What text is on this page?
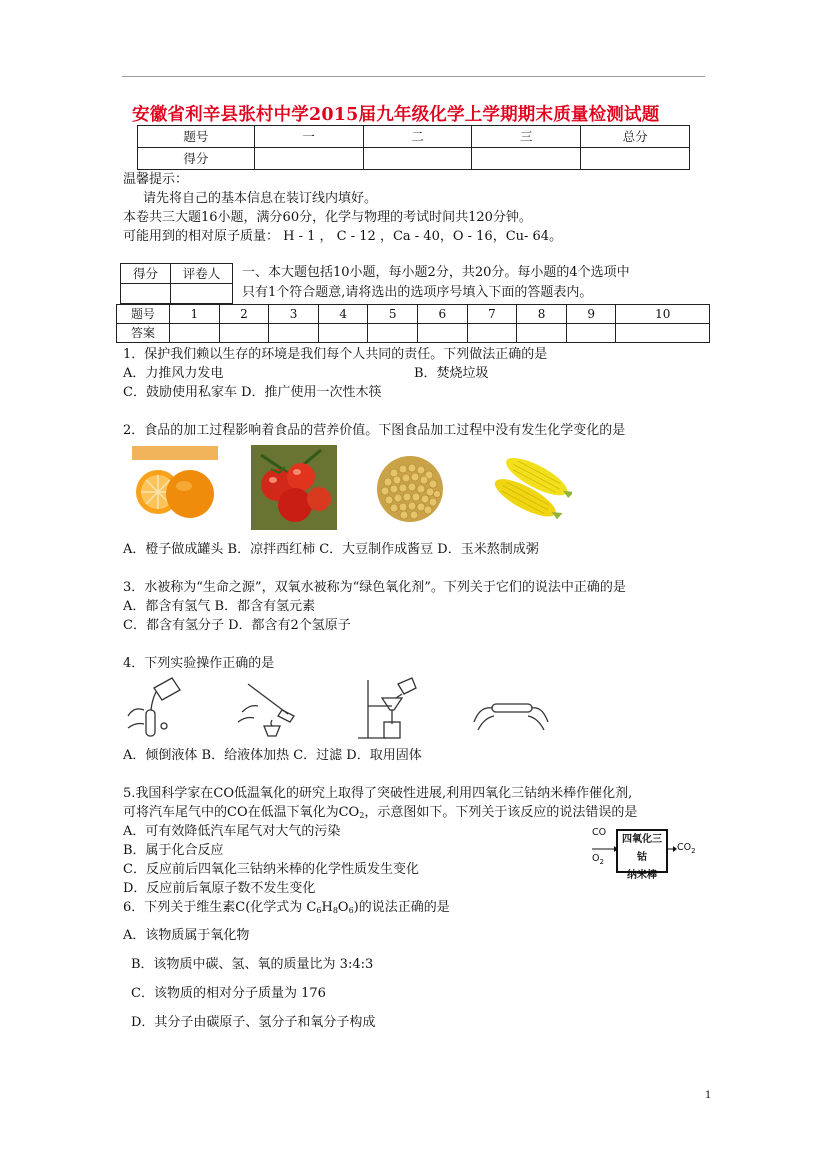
安徽省利辛县张村中学2015届九年级化学上学期期末质量检测试题
题号	一	二	三	总分
得分				
温馨提示：
请先将自己的基本信息在装订线内填好。
本卷共三大题16小题，满分60分，化学与物理的考试时间共120分钟。
可能用到的相对原子质量： H - 1 ， C - 12 ，Ca - 40，O - 16，Cu- 64。
得分	评卷人
	一、本大题包括10小题，每小题2分，共20分。每小题的4个选项中
只有1个符合题意,请将选出的选项序号填入下面的答题表内。
题号	1	2	3	4	5	6	7	8	9	10
答案										
1．保护我们赖以生存的环境是我们每个人共同的责任。下列做法正确的是
A．力推风力发电	B．焚烧垃圾
C．鼓励使用私家车 D．推广使用一次性木筷
2．食品的加工过程影响着食品的营养价值。下图食品加工过程中没有发生化学变化的是
A．橙子做成罐头 B．凉拌西红柿 C．大豆制作成酱豆 D．玉米熬制成粥
3．水被称为“生命之源”，双氧水被称为“绿色氧化剂”。下列关于它们的说法中正确的是
A．都含有氢气 B．都含有氢元素
C．都含有氢分子 D．都含有2个氢原子
4．下列实验操作正确的是
A．倾倒液体 B．给液体加热 C．过滤 D．取用固体
5.我国科学家在CO低温氧化的研究上取得了突破性进展,利用四氧化三钴纳米棒作催化剂,
可将汽车尾气中的CO在低温下氧化为$CO_2$，示意图如下。下列关于该反应的说法错误的是
A．可有效降低汽车尾气对大气的污染
B．属于化合反应
C．反应前后四氧化三钴纳米棒的化学性质发生变化
D．反应前后氧原子数不发生变化
CO
$O_2$
四氧化三钴
纳米棒
$CO_2$
6．下列关于维生素C(化学式为 $C_6H_8O_6$)的说法正确的是
A．该物质属于氧化物
B．该物质中碳、氢、氧的质量比为 3:4:3
C．该物质的相对分子质量为 176
D．其分子由碳原子、氢分子和氧分子构成
1
